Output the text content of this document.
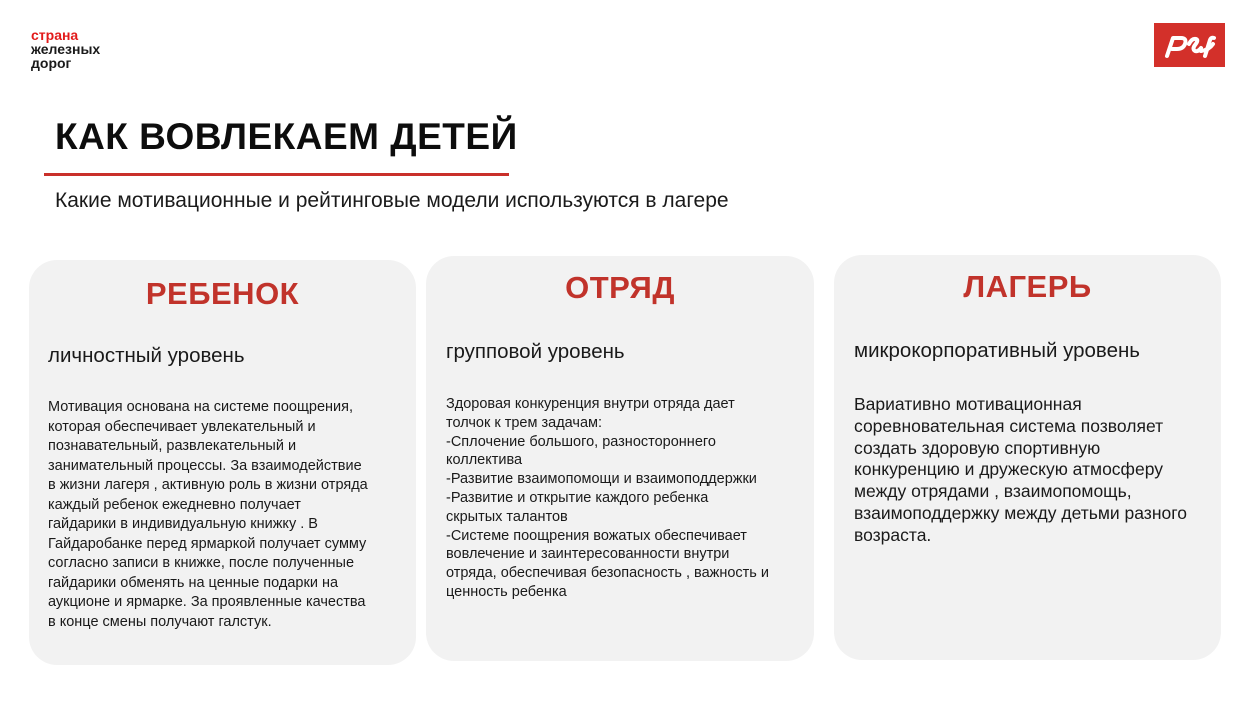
страна
железных
дорог
КАК ВОВЛЕКАЕМ ДЕТЕЙ
Какие мотивационные и рейтинговые модели используются в лагере
РЕБЕНОК
личностный уровень
Мотивация основана на системе поощрения,
которая обеспечивает увлекательный и
познавательный, развлекательный и
занимательный процессы. За взаимодействие
в жизни лагеря , активную роль в жизни отряда
каждый ребенок ежедневно получает
гайдарики в индивидуальную книжку . В
Гайдаробанке перед ярмаркой получает сумму
согласно записи в книжке, после полученные
гайдарики обменять на ценные подарки на
аукционе и ярмарке. За проявленные качества
в конце смены получают галстук.
ОТРЯД
групповой уровень
Здоровая конкуренция внутри отряда дает
толчок к трем задачам:
-Сплочение большого, разностороннего
коллектива
-Развитие взаимопомощи и взаимоподдержки
-Развитие и открытие каждого ребенка
скрытых талантов
-Системе поощрения вожатых обеспечивает
вовлечение и заинтересованности внутри
отряда, обеспечивая безопасность , важность и
ценность ребенка
ЛАГЕРЬ
микрокорпоративный уровень
Вариативно мотивационная
соревновательная система позволяет
создать здоровую спортивную
конкуренцию и дружескую атмосферу
между отрядами , взаимопомощь,
взаимоподдержку между детьми разного
возраста.
